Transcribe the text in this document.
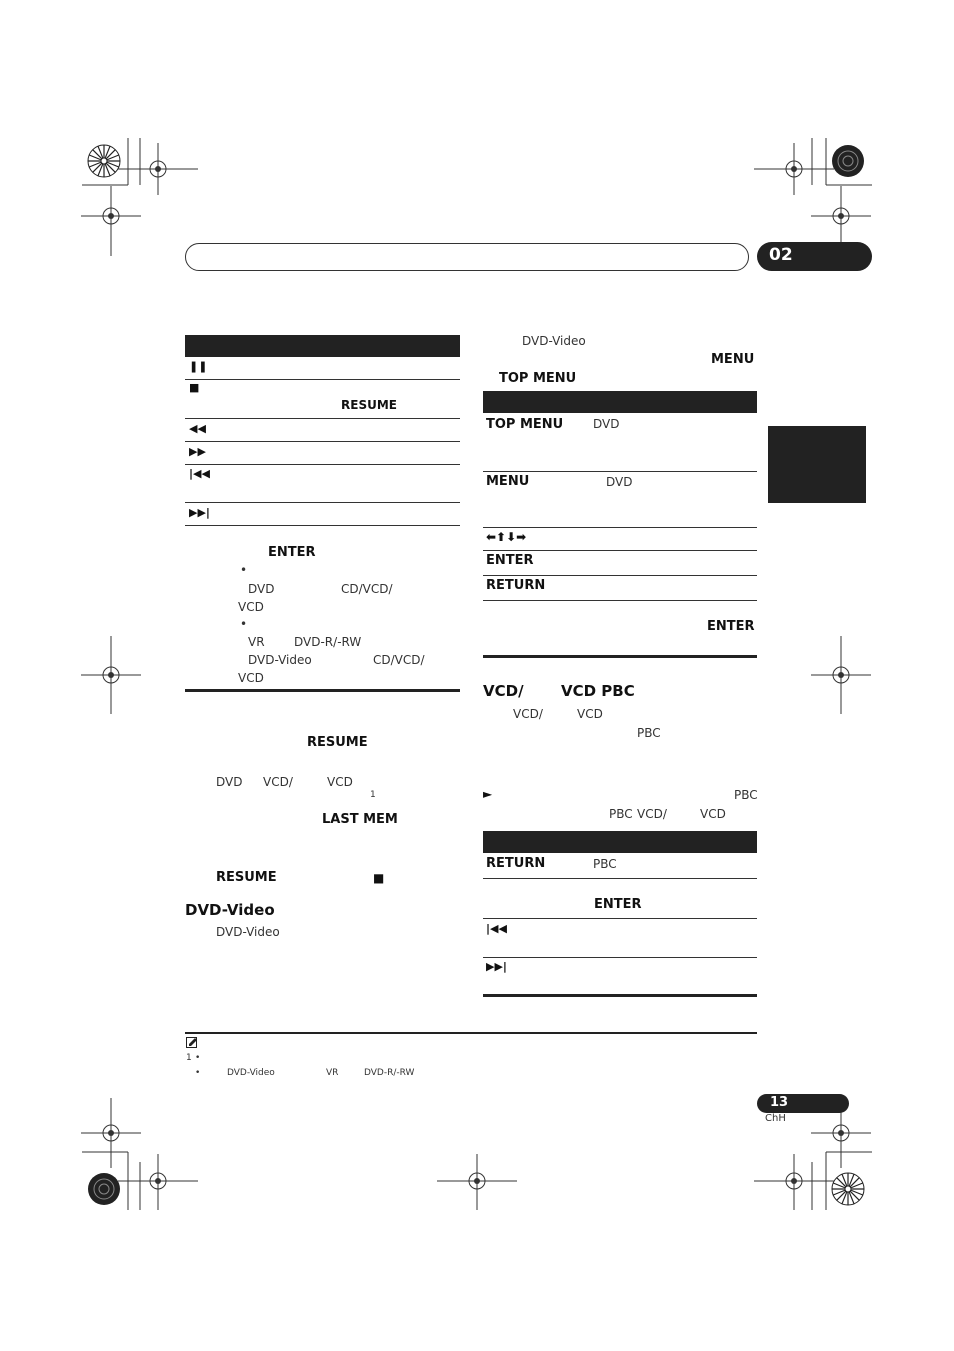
02
❚❚
■
RESUME
◀◀
▶▶
|◀◀
▶▶|
ENTER
•
DVD	CD/VCD/
VCD
•
VR DVD-R/-RW
DVD-Video	CD/VCD/
VCD
RESUME
DVD VCD/	VCD
1
LAST MEM
RESUME	■
DVD-Video
DVD-Video
DVD-Video
MENU
TOP MENU
TOP MENU DVD
MENU	DVD
⬅⬆⬇➡
ENTER
RETURN
ENTER
VCD/ VCD PBC
VCD/	VCD
PBC
►	PBC
PBC VCD/	VCD
RETURN	PBC
ENTER
|◀◀
▶▶|
1 •
•	DVD-Video	VR	DVD-R/-RW
13
ChH
